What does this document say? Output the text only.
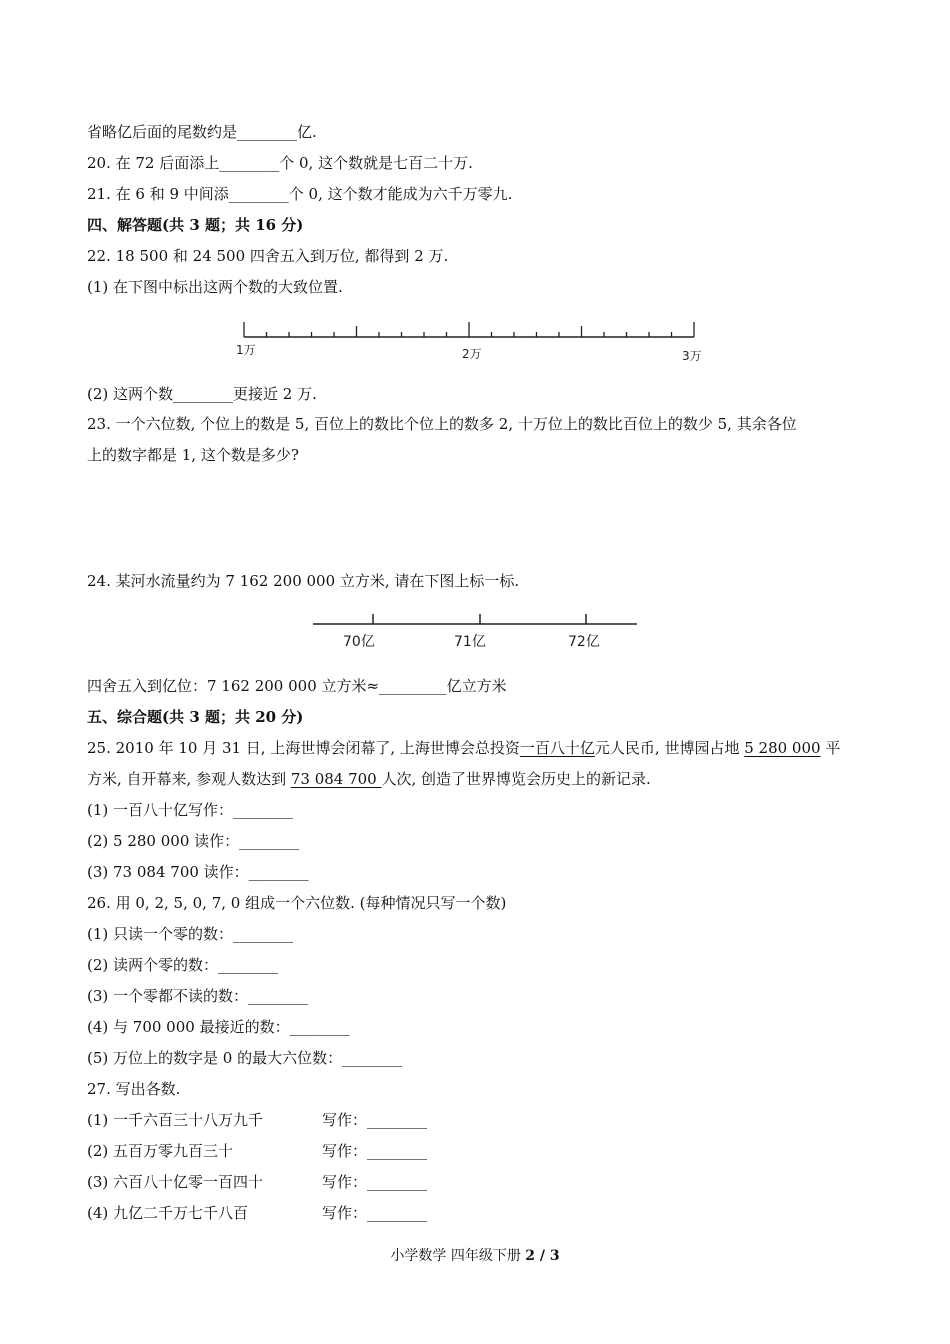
省略亿后面的尾数约是________亿.
20. 在 72 后面添上________个 0, 这个数就是七百二十万.
21. 在 6 和 9 中间添________个 0, 这个数才能成为六千万零九.
四、解答题(共 3 题；共 16 分)
22. 18 500 和 24 500 四舍五入到万位, 都得到 2 万.
(1) 在下图中标出这两个数的大致位置.
1万	2万	3万
(2) 这两个数________更接近 2 万.
23. 一个六位数, 个位上的数是 5, 百位上的数比个位上的数多 2, 十万位上的数比百位上的数少 5, 其余各位
上的数字都是 1, 这个数是多少?
24. 某河水流量约为 7 162 200 000 立方米, 请在下图上标一标.
70亿	71亿	72亿
四舍五入到亿位：7 162 200 000 立方米≈_________亿立方米
五、综合题(共 3 题；共 20 分)
25. 2010 年 10 月 31 日, 上海世博会闭幕了, 上海世博会总投资一百八十亿元人民币, 世博园占地 5 280 000 平
方米, 自开幕来, 参观人数达到 73 084 700 人次, 创造了世界博览会历史上的新记录.
(1) 一百八十亿写作：________
(2) 5 280 000 读作：________
(3) 73 084 700 读作：________
26. 用 0, 2, 5, 0, 7, 0 组成一个六位数. (每种情况只写一个数)
(1) 只读一个零的数：________
(2) 读两个零的数：________
(3) 一个零都不读的数：________
(4) 与 700 000 最接近的数：________
(5) 万位上的数字是 0 的最大六位数：________
27. 写出各数.
(1) 一千六百三十八万九千	写作：________
(2) 五百万零九百三十	写作：________
(3) 六百八十亿零一百四十	写作：________
(4) 九亿二千万七千八百	写作：________
小学数学 四年级下册 2 / 3
